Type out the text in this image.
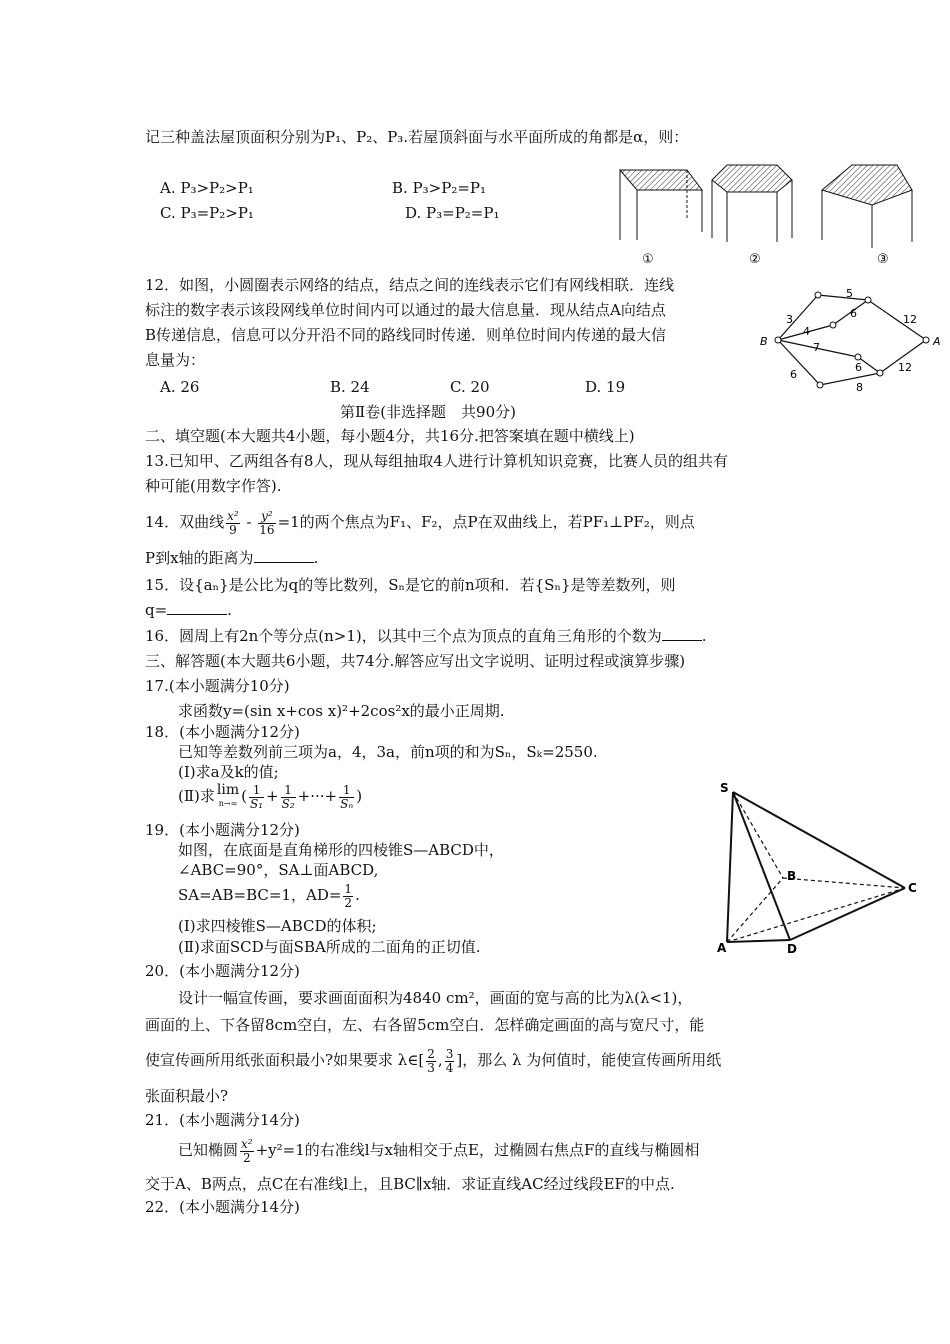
记三种盖法屋顶面积分别为P₁、P₂、P₃.若屋顶斜面与水平面所成的角都是α，则：
A. P₃>P₂>P₁	B. P₃>P₂=P₁
C. P₃=P₂>P₁	D. P₃=P₂=P₁
①	②	③
12．如图，小圆圈表示网络的结点，结点之间的连线表示它们有网线相联．连线
标注的数字表示该段网线单位时间内可以通过的最大信息量．现从结点A向结点
B传递信息，信息可以分开沿不同的路线同时传递．则单位时间内传递的最大信
息量为：
A. 26	B. 24	C. 20	D. 19
B	A
5
6	12
3
4
7
6	12
6
8
第Ⅱ卷(非选择题　共90分)
二、填空题(本大题共4小题，每小题4分，共16分.把答案填在题中横线上)
13.已知甲、乙两组各有8人，现从每组抽取4人进行计算机知识竞赛，比赛人员的组共有
种可能(用数字作答).
14．双曲线 $\frac{\text{x²}}{9} - \frac{\text{y²}}{16} =1$的两个焦点为F₁、F₂，点P在双曲线上，若PF₁⊥PF₂，则点
P到x轴的距离为	.
15．设{aₙ}是公比为q的等比数列，Sₙ是它的前n项和．若{Sₙ}是等差数列，则
q=	.
16．圆周上有2n个等分点(n>1)，以其中三个点为顶点的直角三角形的个数为	.
三、解答题(本大题共6小题，共74分.解答应写出文字说明、证明过程或演算步骤)
17.(本小题满分10分)
求函数y=(sin x+cos x)²+2cos²x的最小正周期.
18．(本小题满分12分)
已知等差数列前三项为a，4，3a，前n项的和为Sₙ，Sₖ=2550.
(Ⅰ)求a及k的值;
(Ⅱ)求 lim
n→∞ ( $\frac{1}{\text{S₁}} + \frac{1}{\text{S₂}}$ +···+ $\frac{1}{\text{Sₙ}}$ )
19．(本小题满分12分)
如图，在底面是直角梯形的四棱锥S—ABCD中，
∠ABC=90°，SA⊥面ABCD,
SA=AB=BC=1，$AD= \frac{1}{2}$ .
(Ⅰ)求四棱锥S—ABCD的体积;
(Ⅱ)求面SCD与面SBA所成的二面角的正切值.
S
A
B
C
D
20．(本小题满分12分)
设计一幅宣传画，要求画面面积为4840 cm²，画面的宽与高的比为λ(λ<1)，
画面的上、下各留8cm空白，左、右各留5cm空白．怎样确定画面的高与宽尺寸，能
使宣传画所用纸张面积最小?如果要求 λ∈[ $\frac{2}{3}$ , $\frac{3}{4}$ ]，那么 λ 为何值时，能使宣传画所用纸
张面积最小?
21．(本小题满分14分)
已知椭圆 $\frac{\text{x²}}{2} +y^2=1$的右准线l与x轴相交于点E，过椭圆右焦点F的直线与椭圆相
交于A、B两点，点C在右准线l上，且BC∥x轴．求证直线AC经过线段EF的中点.
22．(本小题满分14分)
